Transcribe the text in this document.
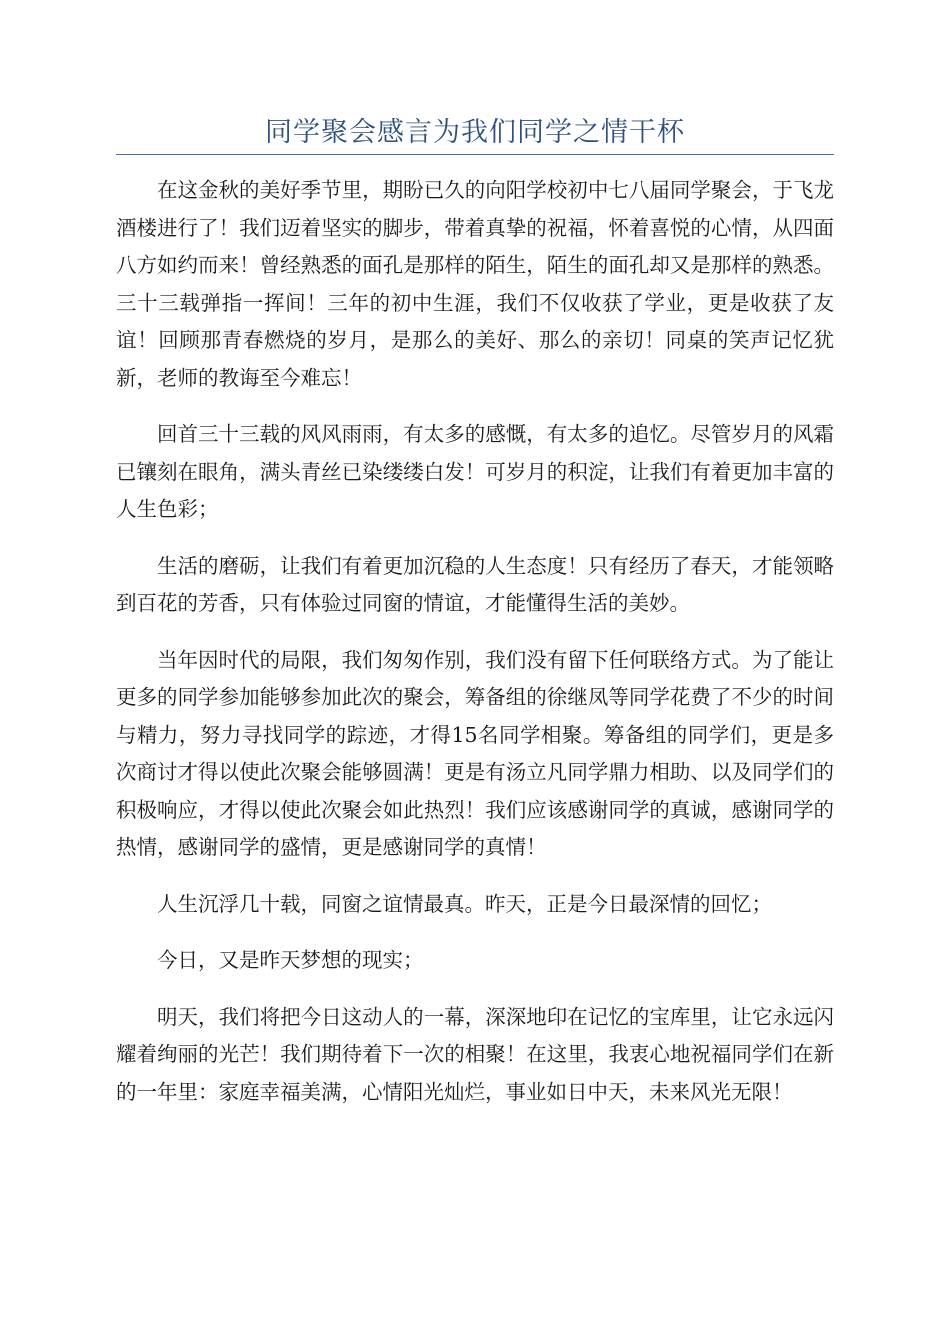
同学聚会感言为我们同学之情干杯

在这金秋的美好季节里，期盼已久的向阳学校初中七八届同学聚会，于飞龙酒楼进行了！我们迈着坚实的脚步，带着真挚的祝福，怀着喜悦的心情，从四面八方如约而来！曾经熟悉的面孔是那样的陌生，陌生的面孔却又是那样的熟悉。三十三载弹指一挥间！三年的初中生涯，我们不仅收获了学业，更是收获了友谊！回顾那青春燃烧的岁月，是那么的美好、那么的亲切！同桌的笑声记忆犹新，老师的教诲至今难忘！

回首三十三载的风风雨雨，有太多的感慨，有太多的追忆。尽管岁月的风霜已镶刻在眼角，满头青丝已染缕缕白发！可岁月的积淀，让我们有着更加丰富的人生色彩；

生活的磨砺，让我们有着更加沉稳的人生态度！只有经历了春天，才能领略到百花的芳香，只有体验过同窗的情谊，才能懂得生活的美妙。

当年因时代的局限，我们匆匆作别，我们没有留下任何联络方式。为了能让更多的同学参加能够参加此次的聚会，筹备组的徐继凤等同学花费了不少的时间与精力，努力寻找同学的踪迹，才得15名同学相聚。筹备组的同学们，更是多次商讨才得以使此次聚会能够圆满！更是有汤立凡同学鼎力相助、以及同学们的积极响应，才得以使此次聚会如此热烈！我们应该感谢同学的真诚，感谢同学的热情，感谢同学的盛情，更是感谢同学的真情！

人生沉浮几十载，同窗之谊情最真。昨天，正是今日最深情的回忆；

今日，又是昨天梦想的现实；

明天，我们将把今日这动人的一幕，深深地印在记忆的宝库里，让它永远闪耀着绚丽的光芒！我们期待着下一次的相聚！在这里，我衷心地祝福同学们在新的一年里：家庭幸福美满，心情阳光灿烂，事业如日中天，未来风光无限！
